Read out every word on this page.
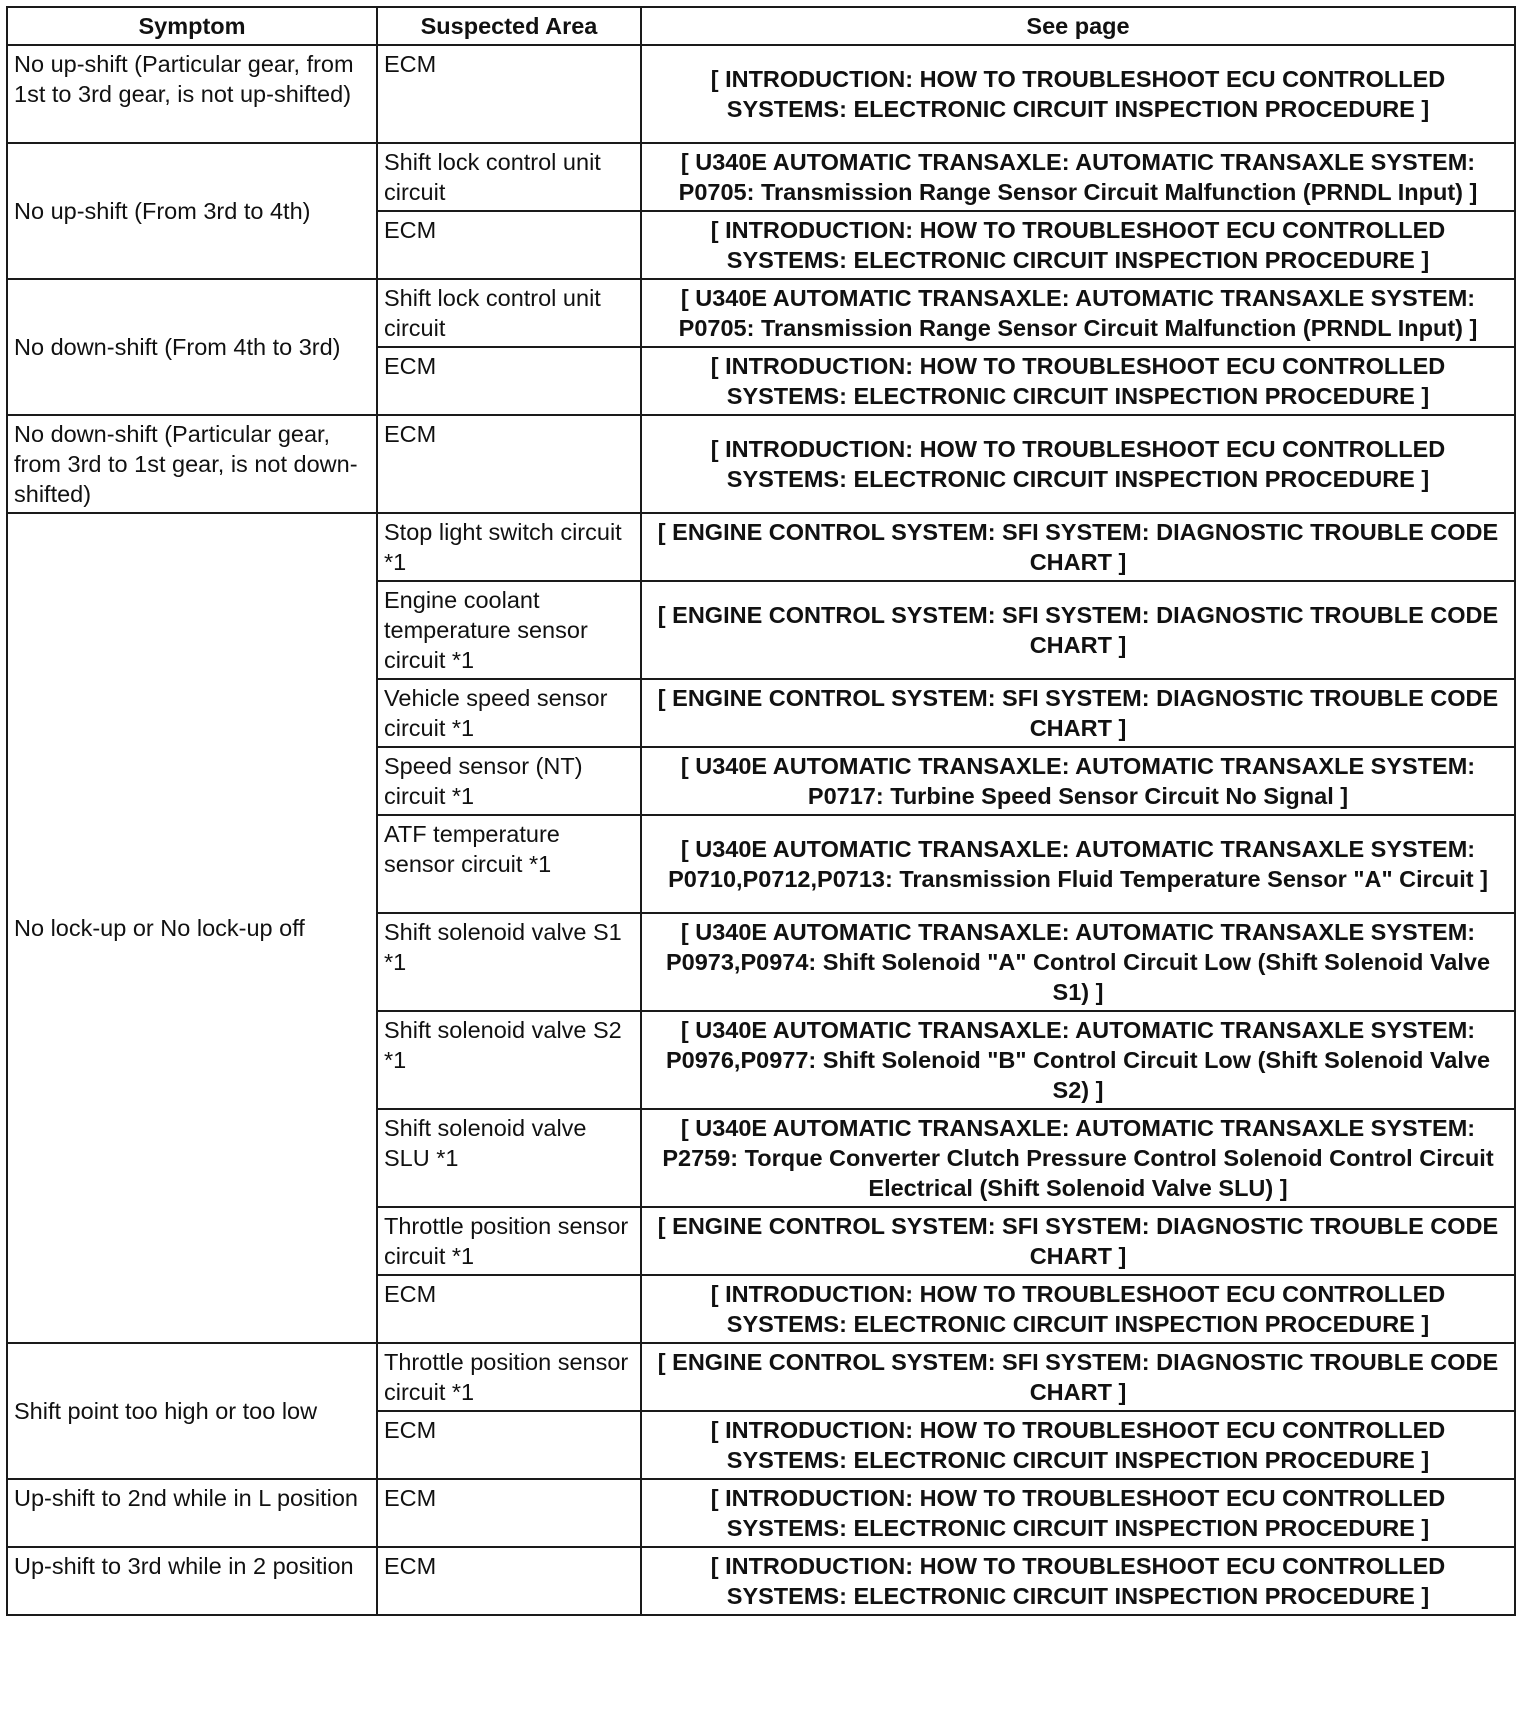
Symptom	Suspected Area	See page
No up-shift (Particular gear, from 1st to 3rd gear, is not up-shifted)	ECM	[ INTRODUCTION: HOW TO TROUBLESHOOT ECU CONTROLLED SYSTEMS: ELECTRONIC CIRCUIT INSPECTION PROCEDURE ]
No up-shift (From 3rd to 4th)	Shift lock control unit circuit	[ U340E AUTOMATIC TRANSAXLE: AUTOMATIC TRANSAXLE SYSTEM: P0705: Transmission Range Sensor Circuit Malfunction (PRNDL Input) ]
	ECM	[ INTRODUCTION: HOW TO TROUBLESHOOT ECU CONTROLLED SYSTEMS: ELECTRONIC CIRCUIT INSPECTION PROCEDURE ]
No down-shift (From 4th to 3rd)	Shift lock control unit circuit	[ U340E AUTOMATIC TRANSAXLE: AUTOMATIC TRANSAXLE SYSTEM: P0705: Transmission Range Sensor Circuit Malfunction (PRNDL Input) ]
	ECM	[ INTRODUCTION: HOW TO TROUBLESHOOT ECU CONTROLLED SYSTEMS: ELECTRONIC CIRCUIT INSPECTION PROCEDURE ]
No down-shift (Particular gear, from 3rd to 1st gear, is not down-shifted)	ECM	[ INTRODUCTION: HOW TO TROUBLESHOOT ECU CONTROLLED SYSTEMS: ELECTRONIC CIRCUIT INSPECTION PROCEDURE ]
No lock-up or No lock-up off	Stop light switch circuit *1	[ ENGINE CONTROL SYSTEM: SFI SYSTEM: DIAGNOSTIC TROUBLE CODE CHART ]
	Engine coolant temperature sensor circuit *1	[ ENGINE CONTROL SYSTEM: SFI SYSTEM: DIAGNOSTIC TROUBLE CODE CHART ]
	Vehicle speed sensor circuit *1	[ ENGINE CONTROL SYSTEM: SFI SYSTEM: DIAGNOSTIC TROUBLE CODE CHART ]
	Speed sensor (NT) circuit *1	[ U340E AUTOMATIC TRANSAXLE: AUTOMATIC TRANSAXLE SYSTEM: P0717: Turbine Speed Sensor Circuit No Signal ]
	ATF temperature sensor circuit *1	[ U340E AUTOMATIC TRANSAXLE: AUTOMATIC TRANSAXLE SYSTEM: P0710,P0712,P0713: Transmission Fluid Temperature Sensor "A" Circuit ]
	Shift solenoid valve S1 *1	[ U340E AUTOMATIC TRANSAXLE: AUTOMATIC TRANSAXLE SYSTEM: P0973,P0974: Shift Solenoid "A" Control Circuit Low (Shift Solenoid Valve S1) ]
	Shift solenoid valve S2 *1	[ U340E AUTOMATIC TRANSAXLE: AUTOMATIC TRANSAXLE SYSTEM: P0976,P0977: Shift Solenoid "B" Control Circuit Low (Shift Solenoid Valve S2) ]
	Shift solenoid valve SLU *1	[ U340E AUTOMATIC TRANSAXLE: AUTOMATIC TRANSAXLE SYSTEM: P2759: Torque Converter Clutch Pressure Control Solenoid Control Circuit Electrical (Shift Solenoid Valve SLU) ]
	Throttle position sensor circuit *1	[ ENGINE CONTROL SYSTEM: SFI SYSTEM: DIAGNOSTIC TROUBLE CODE CHART ]
	ECM	[ INTRODUCTION: HOW TO TROUBLESHOOT ECU CONTROLLED SYSTEMS: ELECTRONIC CIRCUIT INSPECTION PROCEDURE ]
Shift point too high or too low	Throttle position sensor circuit *1	[ ENGINE CONTROL SYSTEM: SFI SYSTEM: DIAGNOSTIC TROUBLE CODE CHART ]
	ECM	[ INTRODUCTION: HOW TO TROUBLESHOOT ECU CONTROLLED SYSTEMS: ELECTRONIC CIRCUIT INSPECTION PROCEDURE ]
Up-shift to 2nd while in L position	ECM	[ INTRODUCTION: HOW TO TROUBLESHOOT ECU CONTROLLED SYSTEMS: ELECTRONIC CIRCUIT INSPECTION PROCEDURE ]
Up-shift to 3rd while in 2 position	ECM	[ INTRODUCTION: HOW TO TROUBLESHOOT ECU CONTROLLED SYSTEMS: ELECTRONIC CIRCUIT INSPECTION PROCEDURE ]
